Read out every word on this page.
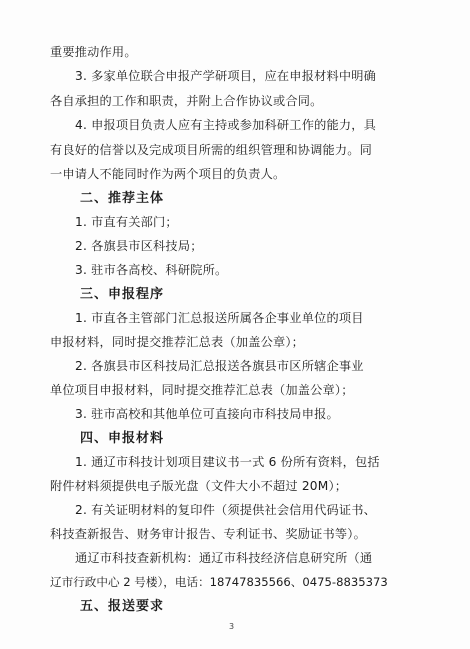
重要推动作用。
3. 多家单位联合申报产学研项目，应在申报材料中明确
各自承担的工作和职责，并附上合作协议或合同。
4. 申报项目负责人应有主持或参加科研工作的能力，具
有良好的信誉以及完成项目所需的组织管理和协调能力。同
一申请人不能同时作为两个项目的负责人。
二、推荐主体
1. 市直有关部门；
2. 各旗县市区科技局；
3. 驻市各高校、科研院所。
三、申报程序
1. 市直各主管部门汇总报送所属各企事业单位的项目
申报材料，同时提交推荐汇总表（加盖公章）；
2. 各旗县市区科技局汇总报送各旗县市区所辖企事业
单位项目申报材料，同时提交推荐汇总表（加盖公章）；
3. 驻市高校和其他单位可直接向市科技局申报。
四、申报材料
1. 通辽市科技计划项目建议书一式 6 份所有资料，包括
附件材料须提供电子版光盘（文件大小不超过 20M）；
2. 有关证明材料的复印件（须提供社会信用代码证书、
科技查新报告、财务审计报告、专利证书、奖励证书等）。
通辽市科技查新机构：通辽市科技经济信息研究所（通
辽市行政中心 2 号楼），电话：18747835566、0475-8835373
五、报送要求
3
